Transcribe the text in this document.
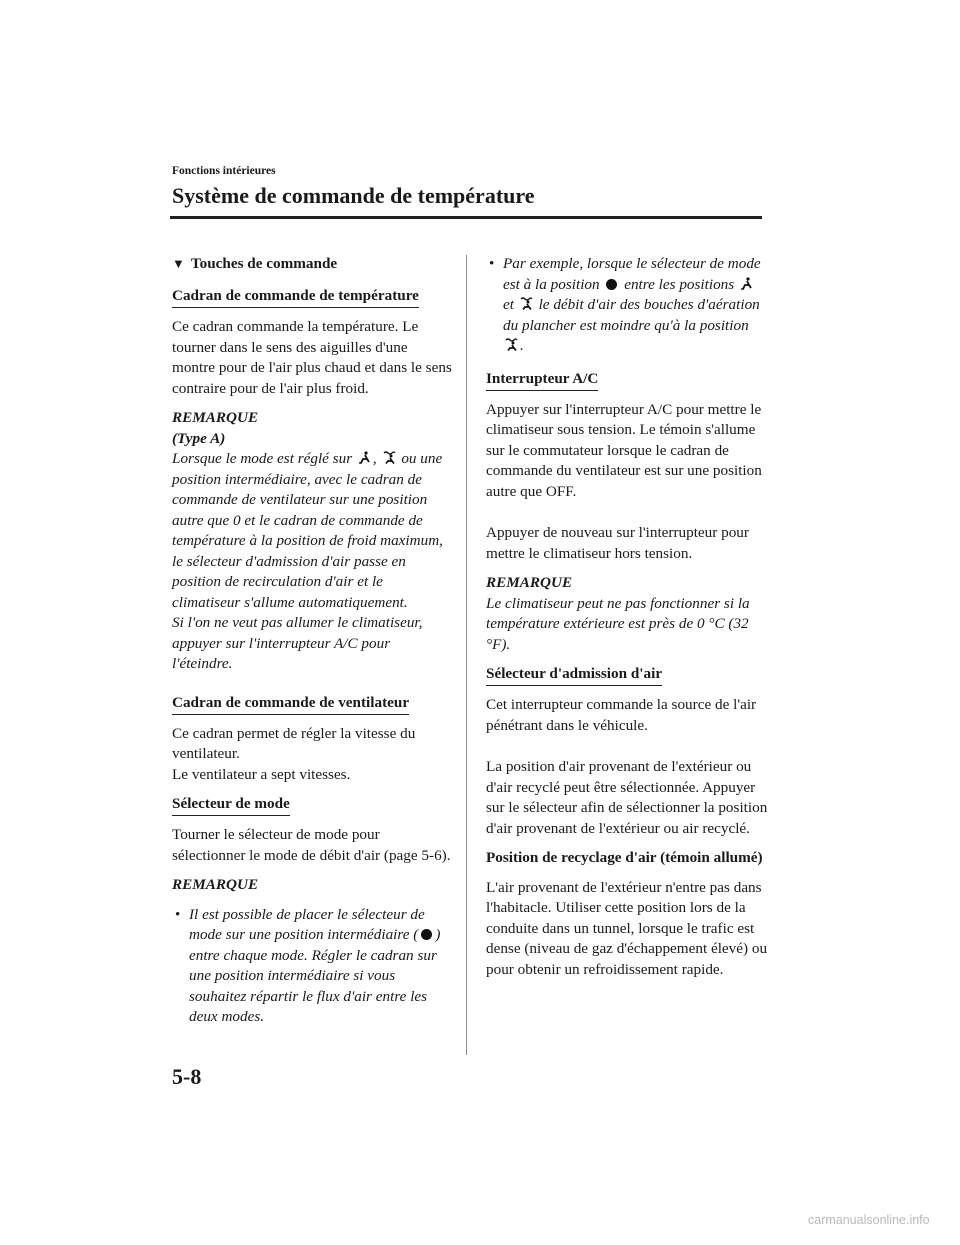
Fonctions intérieures
Système de commande de température
▼ Touches de commande

Cadran de commande de température

Ce cadran commande la température. Le tourner dans le sens des aiguilles d'une montre pour de l'air plus chaud et dans le sens contraire pour de l'air plus froid.

REMARQUE

(Type A)

Lorsque le mode est réglé sur , ou une position intermédiaire, avec le cadran de commande de ventilateur sur une position autre que 0 et le cadran de commande de température à la position de froid maximum, le sélecteur d'admission d'air passe en position de recirculation d'air et le climatiseur s'allume automatiquement.

Si l'on ne veut pas allumer le climatiseur, appuyer sur l'interrupteur A/C pour l'éteindre.

Cadran de commande de ventilateur

Ce cadran permet de régler la vitesse du ventilateur.

Le ventilateur a sept vitesses.

Sélecteur de mode

Tourner le sélecteur de mode pour sélectionner le mode de débit d'air (page 5-6).

REMARQUE

• Il est possible de placer le sélecteur de mode sur une position intermédiaire ( ) entre chaque mode. Régler le cadran sur une position intermédiaire si vous souhaitez répartir le flux d'air entre les deux modes.

• Par exemple, lorsque le sélecteur de mode est à la position entre les positions
et le débit d'air des bouches d'aération du plancher est moindre qu'à la position
.

Interrupteur A/C

Appuyer sur l'interrupteur A/C pour mettre le climatiseur sous tension. Le témoin s'allume sur le commutateur lorsque le cadran de commande du ventilateur est sur une position autre que OFF.

Appuyer de nouveau sur l'interrupteur pour mettre le climatiseur hors tension.

REMARQUE

Le climatiseur peut ne pas fonctionner si la température extérieure est près de 0 °C (32 °F).

Sélecteur d'admission d'air

Cet interrupteur commande la source de l'air pénétrant dans le véhicule.

La position d'air provenant de l'extérieur ou d'air recyclé peut être sélectionnée. Appuyer sur le sélecteur afin de sélectionner la position d'air provenant de l'extérieur ou air recyclé.

Position de recyclage d'air (témoin allumé)

L'air provenant de l'extérieur n'entre pas dans l'habitacle. Utiliser cette position lors de la conduite dans un tunnel, lorsque le trafic est dense (niveau de gaz d'échappement élevé) ou pour obtenir un refroidissement rapide.

5-8
carmanualsonline.info
